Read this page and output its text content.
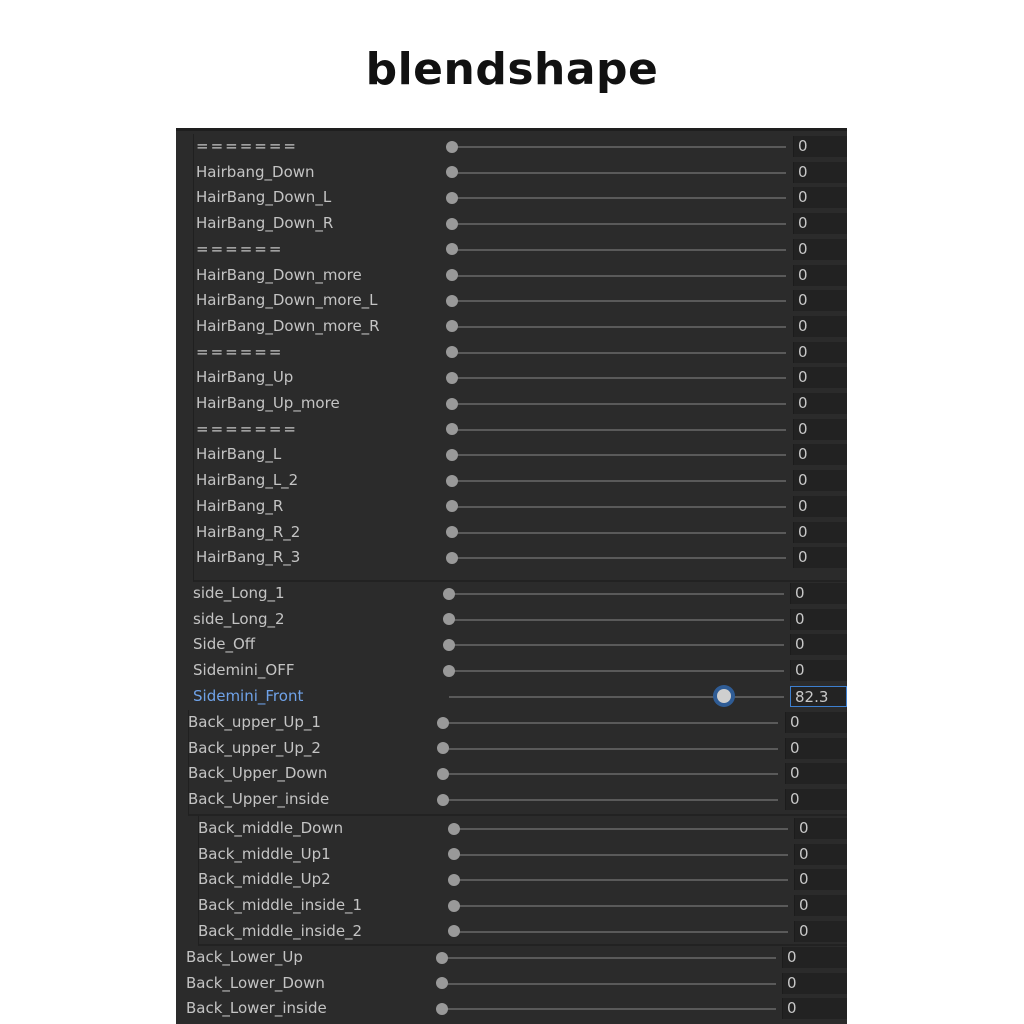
blendshape
=======	0
Hairbang_Down	0
HairBang_Down_L	0
HairBang_Down_R	0
======	0
HairBang_Down_more	0
HairBang_Down_more_L	0
HairBang_Down_more_R	0
======	0
HairBang_Up	0
HairBang_Up_more	0
=======	0
HairBang_L	0
HairBang_L_2	0
HairBang_R	0
HairBang_R_2	0
HairBang_R_3	0
side_Long_1	0
side_Long_2	0
Side_Off	0
Sidemini_OFF	0
Sidemini_Front	82.3
Back_upper_Up_1	0
Back_upper_Up_2	0
Back_Upper_Down	0
Back_Upper_inside	0
Back_middle_Down	0
Back_middle_Up1	0
Back_middle_Up2	0
Back_middle_inside_1	0
Back_middle_inside_2	0
Back_Lower_Up	0
Back_Lower_Down	0
Back_Lower_inside	0
